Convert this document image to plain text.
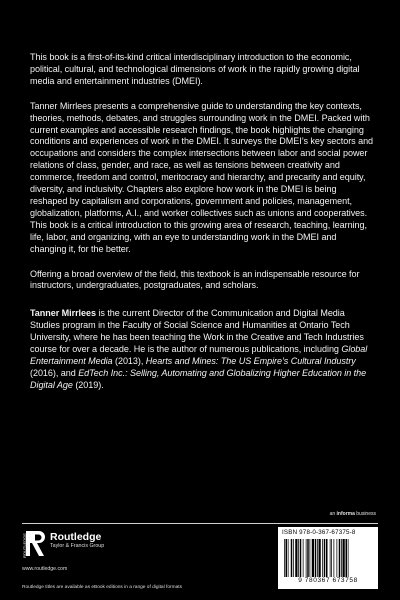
This book is a first-of-its-kind critical interdisciplinary introduction to the economic, political, cultural, and technological dimensions of work in the rapidly growing digital media and entertainment industries (DMEI).

Tanner Mirrlees presents a comprehensive guide to understanding the key contexts, theories, methods, debates, and struggles surrounding work in the DMEI. Packed with current examples and accessible research findings, the book highlights the changing conditions and experiences of work in the DMEI. It surveys the DMEI’s key sectors and occupations and considers the complex intersections between labor and social power relations of class, gender, and race, as well as tensions between creativity and commerce, freedom and control, meritocracy and hierarchy, and precarity and equity, diversity, and inclusivity. Chapters also explore how work in the DMEI is being reshaped by capitalism and corporations, government and policies, management, globalization, platforms, A.I., and worker collectives such as unions and cooperatives. This book is a critical introduction to this growing area of research, teaching, learning, life, labor, and organizing, with an eye to understanding work in the DMEI and changing it, for the better.

Offering a broad overview of the field, this textbook is an indispensable resource for instructors, undergraduates, postgraduates, and scholars.

Tanner Mirrlees is the current Director of the Communication and Digital Media Studies program in the Faculty of Social Science and Humanities at Ontario Tech University, where he has been teaching the Work in the Creative and Tech Industries course for over a decade. He is the author of numerous publications, including Global Entertainment Media (2013), Hearts and Mines: The US Empire’s Cultural Industry (2016), and EdTech Inc.: Selling, Automating and Globalizing Higher Education in the Digital Age (2019).

an informa business
ROUTLEDGE Routledge
Taylor & Francis Group
www.routledge.com
Routledge titles are available as eBook editions in a range of digital formats
ISBN 978-0-367-67375-8
9 780367 673758
